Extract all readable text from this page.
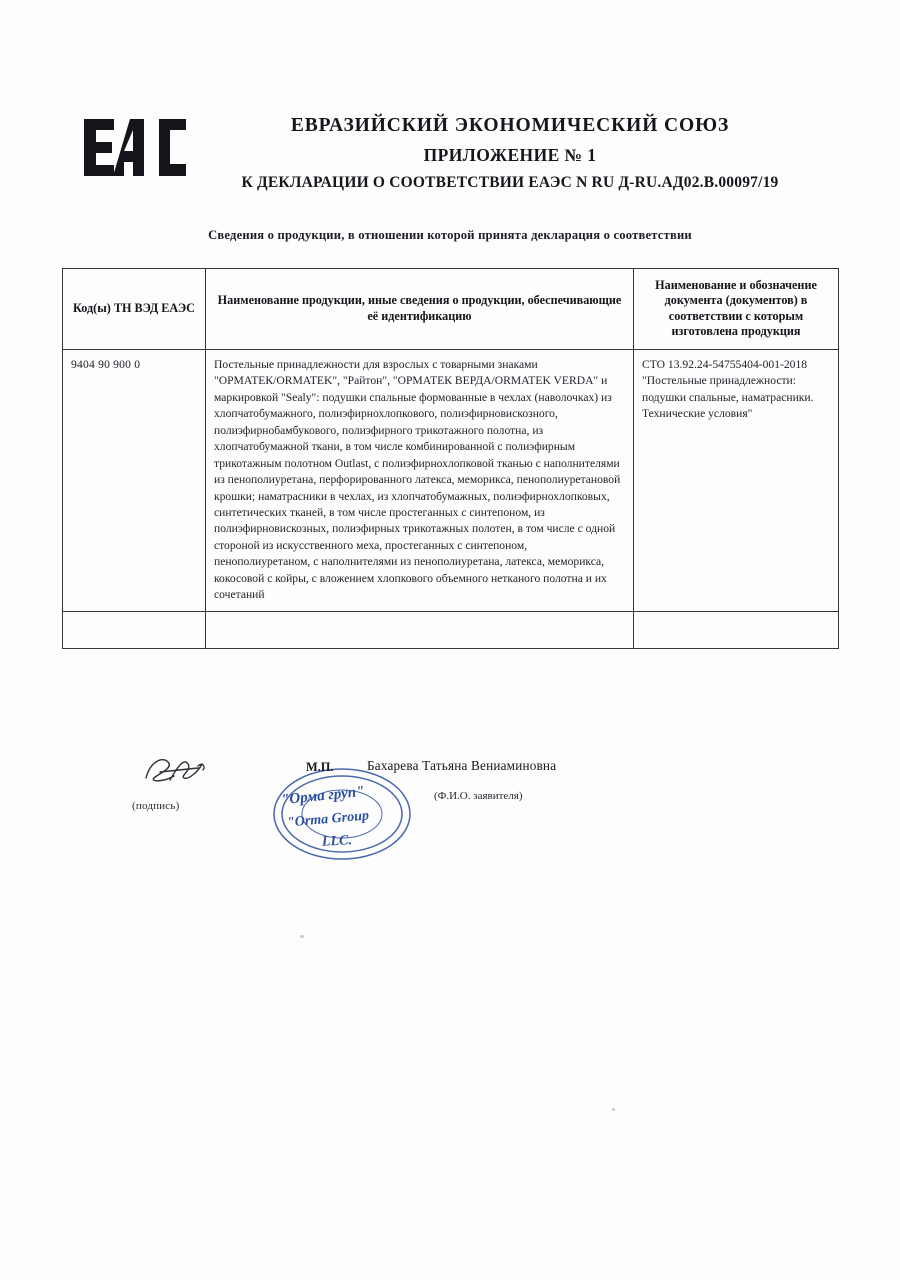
ЕВРАЗИЙСКИЙ ЭКОНОМИЧЕСКИЙ СОЮЗ
ПРИЛОЖЕНИЕ № 1
К ДЕКЛАРАЦИИ О СООТВЕТСТВИИ ЕАЭС N RU Д-RU.АД02.В.00097/19
Сведения о продукции, в отношении которой принята декларация о соответствии
Код(ы) ТН ВЭД ЕАЭС	Наименование продукции, иные сведения о продукции, обеспечивающие её идентификацию	Наименование и обозначение документа (документов) в соответствии с которым изготовлена продукция
9404 90 900 0	Постельные принадлежности для взрослых с товарными знаками "ОРМАТЕК/ORMATEK", "Райтон", "ОРМАТЕК ВЕРДА/ORMATEK VERDA" и маркировкой "Sealy": подушки спальные формованные в чехлах (наволочках) из хлопчатобумажного, полиэфирнохлопкового, полиэфирновискозного, полиэфирнобамбукового, полиэфирного трикотажного полотна, из хлопчатобумажной ткани, в том числе комбинированной с полиэфирным трикотажным полотном Outlast, с полиэфирнохлопковой тканью с наполнителями из пенополиуретана, перфорированного латекса, меморикса, пенополиуретановой крошки; наматрасники в чехлах, из хлопчатобумажных, полиэфирнохлопковых, синтетических тканей, в том числе простеганных с синтепоном, из полиэфирновискозных, полиэфирных трикотажных полотен, в том числе с одной стороной из искусственного меха, простеганных с синтепоном, пенополиуретаном, с наполнителями из пенополиуретана, латекса, меморикса, кокосовой с койры, с вложением хлопкового объемного нетканого полотна и их сочетаний	СТО 13.92.24-54755404-001-2018 "Постельные принадлежности: подушки спальные, наматрасники. Технические условия"

(подпись)	"Орма груп"
"Orma Group
LLC.
М.П.	Бахарева Татьяна Вениаминовна
(Ф.И.О. заявителя)
